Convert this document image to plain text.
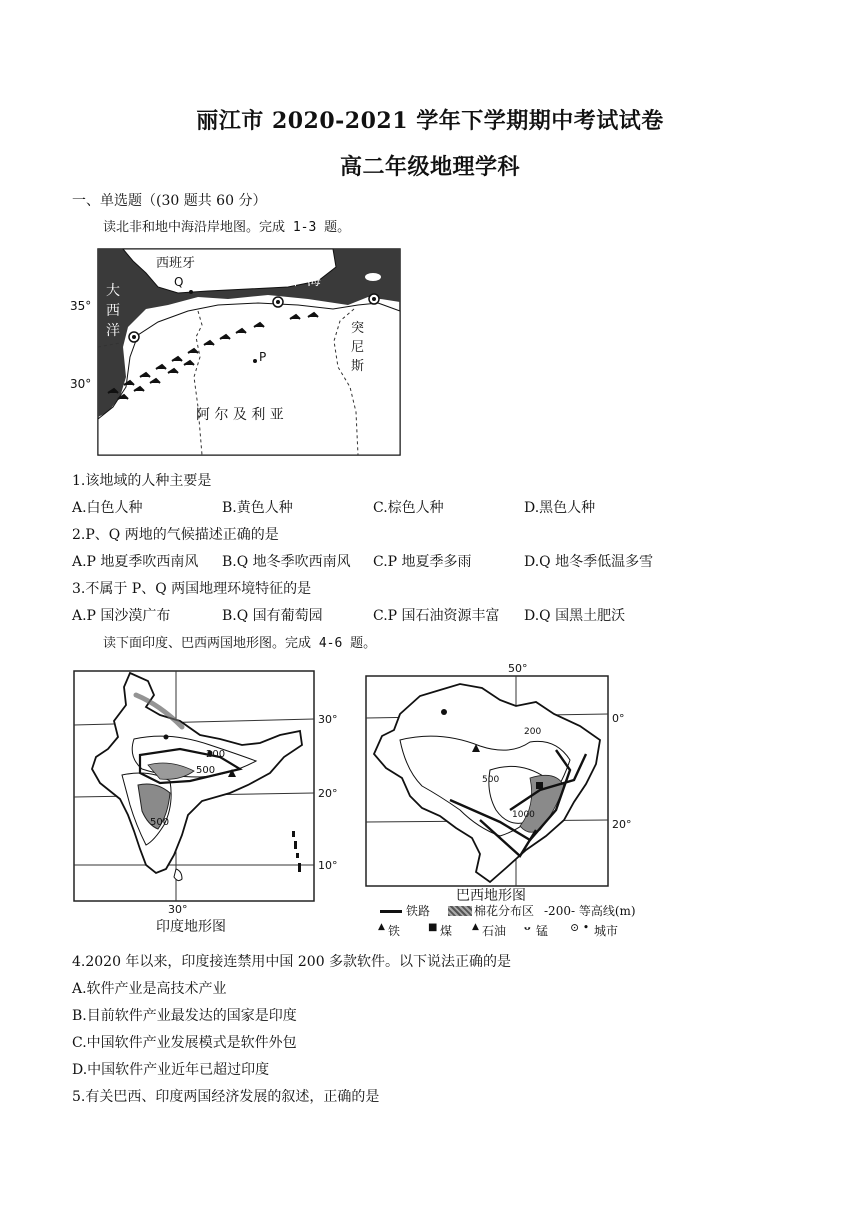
丽江市 2020-2021 学年下学期期中考试试卷
高二年级地理学科
一、单选题（(30 题共 60 分）
读北非和地中海沿岸地图。完成 1-3 题。
西班牙
Q	地 中 海
大
西
洋	突
尼
斯
P
阿 尔 及 利 亚
35°
30°
1.该地域的人种主要是
A.白色人种	B.黄色人种	C.棕色人种	D.黑色人种
2.P、Q 两地的气候描述正确的是
A.P 地夏季吹西南风 B.Q 地冬季吹西南风 C.P 地夏季多雨	D.Q 地冬季低温多雪
3.不属于 P、Q 两国地理环境特征的是
A.P 国沙漠广布	B.Q 国有葡萄园	C.P 国石油资源丰富 D.Q 国黑土肥沃
读下面印度、巴西两国地形图。完成 4-6 题。
200
500
500
30°
20°
10°
30°
印度地形图
200
500
1000
50°
0°
20°
巴西地形图
铁路	棉花分布区 -200- 等高线(m)
▲ 铁	■ 煤 ▲ 石油 ᴗ 锰 ⊙ • 城市
4.2020 年以来，印度接连禁用中国 200 多款软件。以下说法正确的是
A.软件产业是高技术产业
B.目前软件产业最发达的国家是印度
C.中国软件产业发展模式是软件外包
D.中国软件产业近年已超过印度
5.有关巴西、印度两国经济发展的叙述，正确的是
